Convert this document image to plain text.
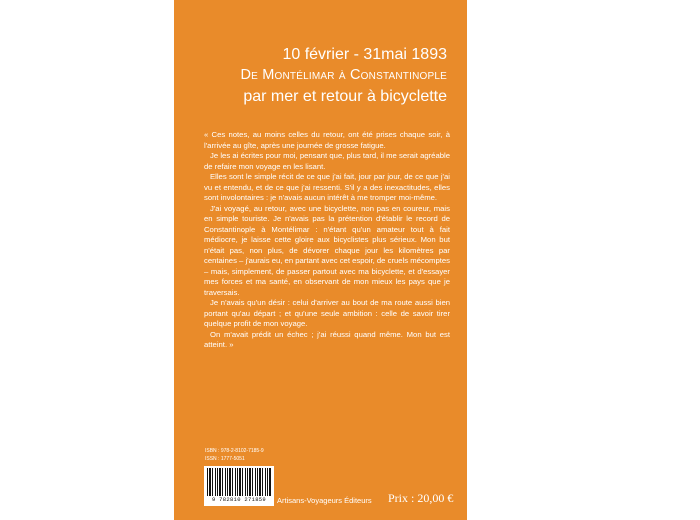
10 février - 31mai 1893
De Montélimar à Constantinople
par mer et retour à bicyclette

« Ces notes, au moins celles du retour, ont été prises chaque soir, à l'arrivée au gîte, après une journée de grosse fatigue.

Je les ai écrites pour moi, pensant que, plus tard, il me serait agréable de refaire mon voyage en les lisant.

Elles sont le simple récit de ce que j'ai fait, jour par jour, de ce que j'ai vu et entendu, et de ce que j'ai ressenti. S'il y a des inexactitudes, elles sont involontaires : je n'avais aucun intérêt à me tromper moi-même.

J'ai voyagé, au retour, avec une bicyclette, non pas en coureur, mais en simple touriste. Je n'avais pas la prétention d'établir le record de Constantinople à Montélimar : n'étant qu'un amateur tout à fait médiocre, je laisse cette gloire aux bicyclistes plus sérieux. Mon but n'était pas, non plus, de dévorer chaque jour les kilomètres par centaines – j'aurais eu, en partant avec cet espoir, de cruels mécomptes – mais, simplement, de passer partout avec ma bicyclette, et d'essayer mes forces et ma santé, en observant de mon mieux les pays que je traversais.

Je n'avais qu'un désir : celui d'arriver au bout de ma route aussi bien portant qu'au départ ; et qu'une seule ambition : celle de savoir tirer quelque profit de mon voyage.

On m'avait prédit un échec ; j'ai réussi quand même. Mon but est atteint. »

ISBN : 978-2-8102-7185-9
ISSN : 1777-5051
9 782810 271859	Artisans-Voyageurs Éditeurs Prix : 20,00 €
